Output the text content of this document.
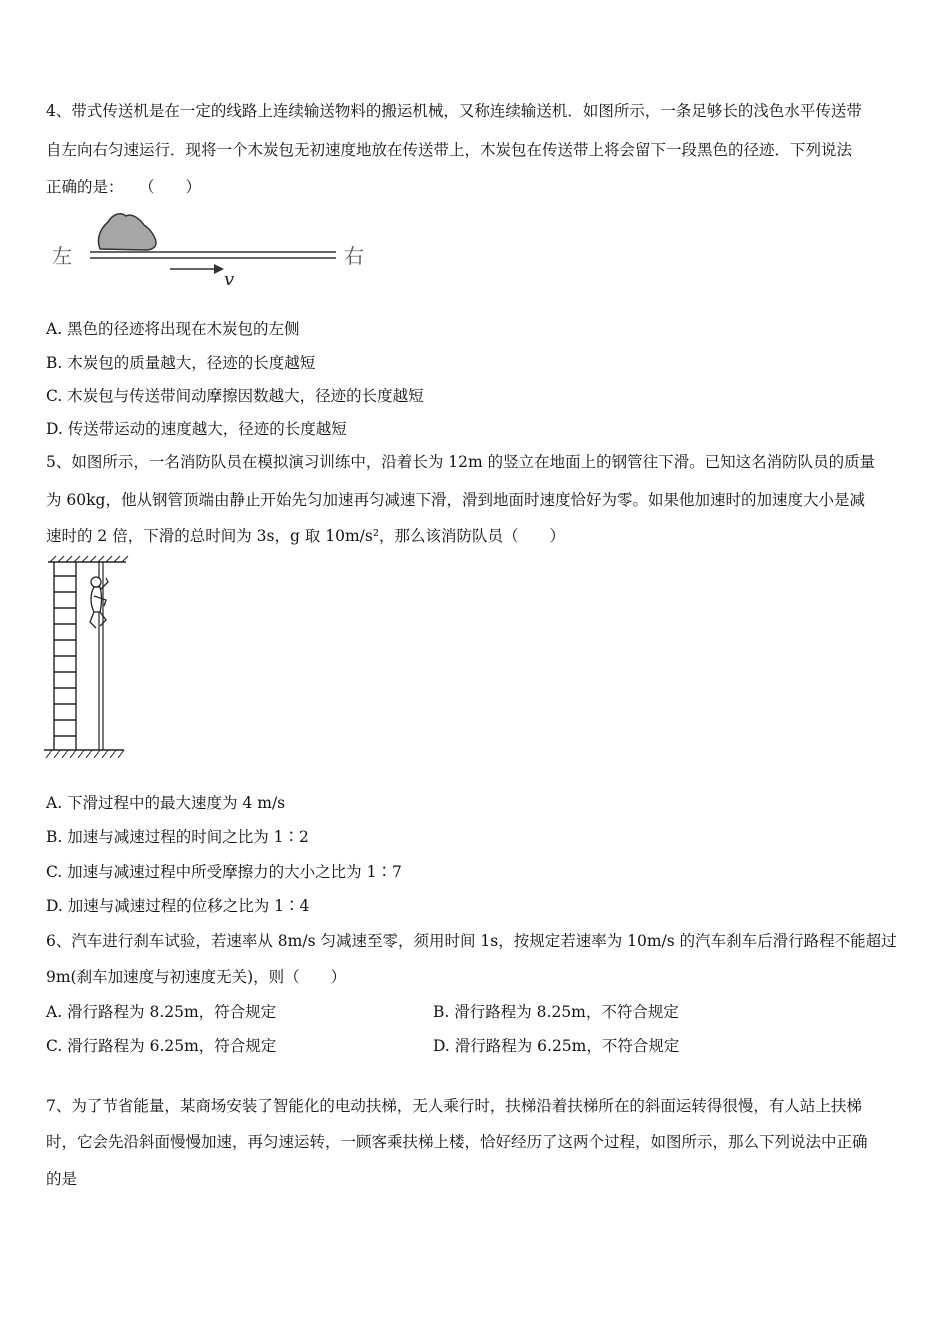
4、带式传送机是在一定的线路上连续输送物料的搬运机械，又称连续输送机．如图所示，一条足够长的浅色水平传送带
自左向右匀速运行．现将一个木炭包无初速度地放在传送带上，木炭包在传送带上将会留下一段黑色的径迹．下列说法
正确的是：　　（　　）
左	右
v
A. 黑色的径迹将出现在木炭包的左侧
B. 木炭包的质量越大，径迹的长度越短
C. 木炭包与传送带间动摩擦因数越大，径迹的长度越短
D. 传送带运动的速度越大，径迹的长度越短
5、如图所示，一名消防队员在模拟演习训练中，沿着长为 12m 的竖立在地面上的钢管往下滑。已知这名消防队员的质量
为 60kg，他从钢管顶端由静止开始先匀加速再匀减速下滑，滑到地面时速度恰好为零。如果他加速时的加速度大小是减
速时的 2 倍，下滑的总时间为 3s，g 取 10m/s²，那么该消防队员（　　）
A. 下滑过程中的最大速度为 4 m/s
B. 加速与减速过程的时间之比为 1∶2
C. 加速与减速过程中所受摩擦力的大小之比为 1∶7
D. 加速与减速过程的位移之比为 1∶4
6、汽车进行刹车试验，若速率从 8m/s 匀减速至零，须用时间 1s，按规定若速率为 10m/s 的汽车刹车后滑行路程不能超过
9m(刹车加速度与初速度无关)，则（　　）
A. 滑行路程为 8.25m，符合规定	B. 滑行路程为 8.25m，不符合规定
C. 滑行路程为 6.25m，符合规定	D. 滑行路程为 6.25m，不符合规定
7、为了节省能量，某商场安装了智能化的电动扶梯，无人乘行时，扶梯沿着扶梯所在的斜面运转得很慢，有人站上扶梯
时，它会先沿斜面慢慢加速，再匀速运转，一顾客乘扶梯上楼，恰好经历了这两个过程，如图所示，那么下列说法中正确
的是
